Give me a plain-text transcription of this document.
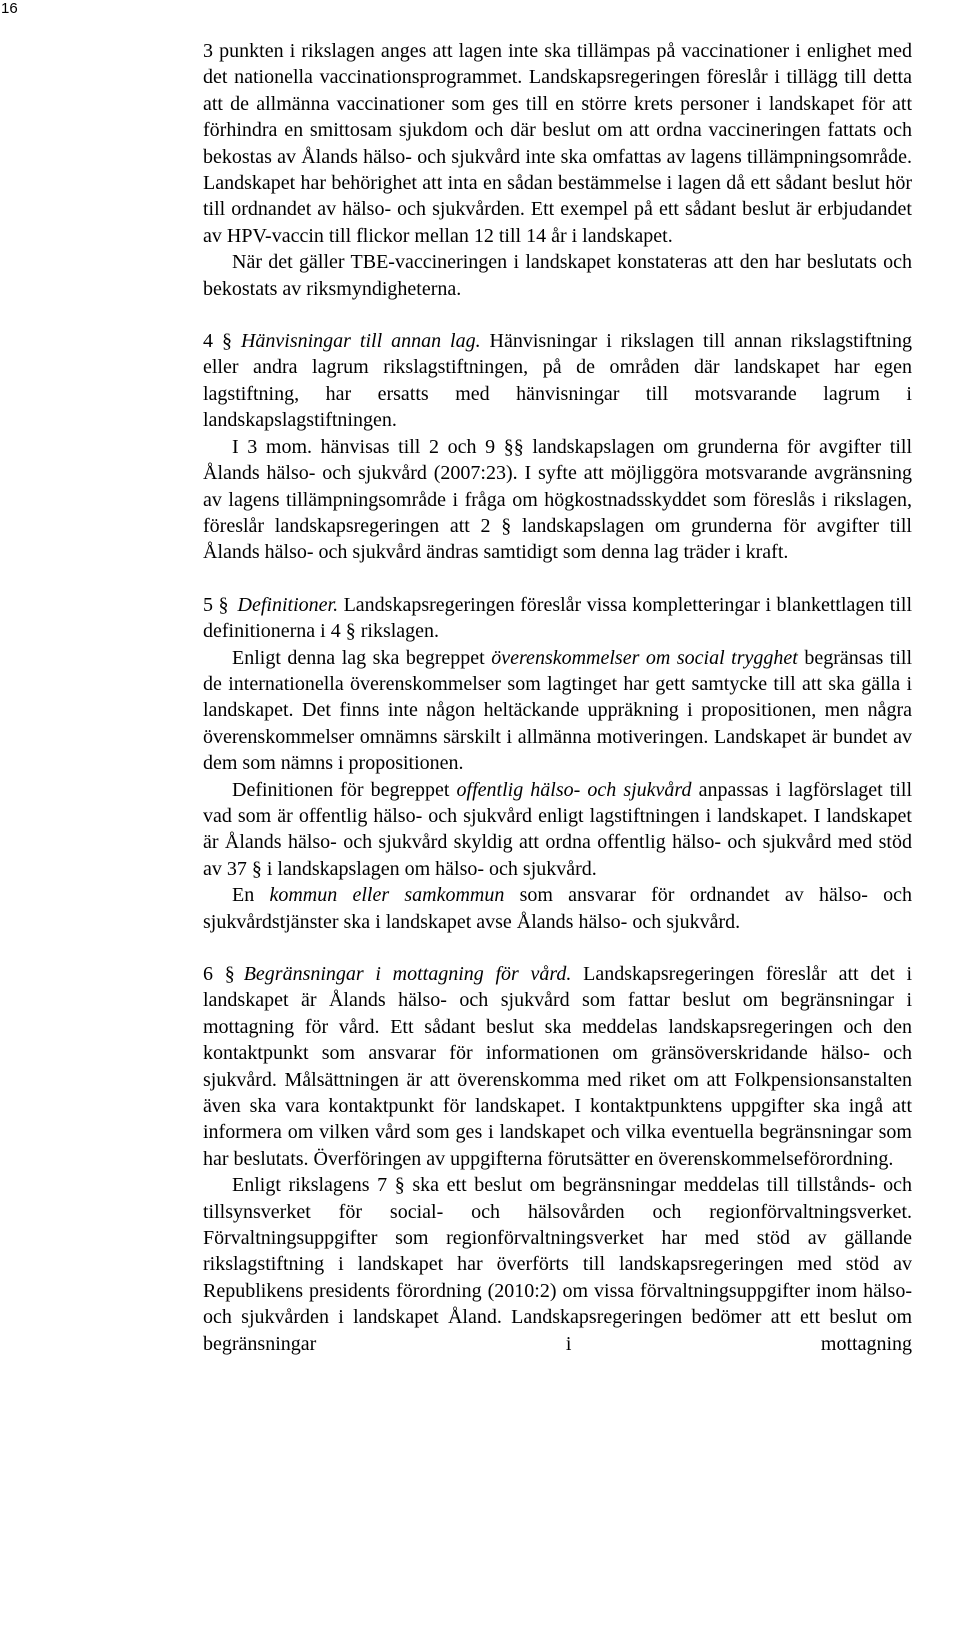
16

3 punkten i rikslagen anges att lagen inte ska tillämpas på vaccinationer i enlighet med det nationella vaccinationsprogrammet. Landskapsregeringen föreslår i tillägg till detta att de allmänna vaccinationer som ges till en större krets personer i landskapet för att förhindra en smittosam sjukdom och där beslut om att ordna vaccineringen fattats och bekostas av Ålands hälso- och sjukvård inte ska omfattas av lagens tillämpningsområde. Landskapet har behörighet att inta en sådan bestämmelse i lagen då ett sådant beslut hör till ordnandet av hälso- och sjukvården. Ett exempel på ett sådant beslut är erbjudandet av HPV-vaccin till flickor mellan 12 till 14 år i landskapet.

När det gäller TBE-vaccineringen i landskapet konstateras att den har beslutats och bekostats av riksmyndigheterna.

4 § Hänvisningar till annan lag. Hänvisningar i rikslagen till annan rikslagstiftning eller andra lagrum rikslagstiftningen, på de områden där landskapet har egen lagstiftning, har ersatts med hänvisningar till motsvarande lagrum i landskapslagstiftningen.

I 3 mom. hänvisas till 2 och 9 §§ landskapslagen om grunderna för avgifter till Ålands hälso- och sjukvård (2007:23). I syfte att möjliggöra motsvarande avgränsning av lagens tillämpningsområde i fråga om högkostnadsskyddet som föreslås i rikslagen, föreslår landskapsregeringen att 2 § landskapslagen om grunderna för avgifter till Ålands hälso- och sjukvård ändras samtidigt som denna lag träder i kraft.

5 § Definitioner. Landskapsregeringen föreslår vissa kompletteringar i blankettlagen till definitionerna i 4 § rikslagen.

Enligt denna lag ska begreppet överenskommelser om social trygghet begränsas till de internationella överenskommelser som lagtinget har gett samtycke till att ska gälla i landskapet. Det finns inte någon heltäckande uppräkning i propositionen, men några överenskommelser omnämns särskilt i allmänna motiveringen. Landskapet är bundet av dem som nämns i propositionen.

Definitionen för begreppet offentlig hälso- och sjukvård anpassas i lagförslaget till vad som är offentlig hälso- och sjukvård enligt lagstiftningen i landskapet. I landskapet är Ålands hälso- och sjukvård skyldig att ordna offentlig hälso- och sjukvård med stöd av 37 § i landskapslagen om hälso- och sjukvård.

En kommun eller samkommun som ansvarar för ordnandet av hälso- och sjukvårdstjänster ska i landskapet avse Ålands hälso- och sjukvård.

6 § Begränsningar i mottagning för vård. Landskapsregeringen föreslår att det i landskapet är Ålands hälso- och sjukvård som fattar beslut om begränsningar i mottagning för vård. Ett sådant beslut ska meddelas landskapsregeringen och den kontaktpunkt som ansvarar för informationen om gränsöverskridande hälso- och sjukvård. Målsättningen är att överenskomma med riket om att Folkpensionsanstalten även ska vara kontaktpunkt för landskapet. I kontaktpunktens uppgifter ska ingå att informera om vilken vård som ges i landskapet och vilka eventuella begränsningar som har beslutats. Överföringen av uppgifterna förutsätter en överenskommelseförordning.

Enligt rikslagens 7 § ska ett beslut om begränsningar meddelas till tillstånds- och tillsynsverket för social- och hälsovården och regionförvaltningsverket. Förvaltningsuppgifter som regionförvaltningsverket har med stöd av gällande rikslagstiftning i landskapet har överförts till landskapsregeringen med stöd av Republikens presidents förordning (2010:2) om vissa förvaltningsuppgifter inom hälso- och sjukvården i landskapet Åland. Landskapsregeringen bedömer att ett beslut om begränsningar i mottagning
